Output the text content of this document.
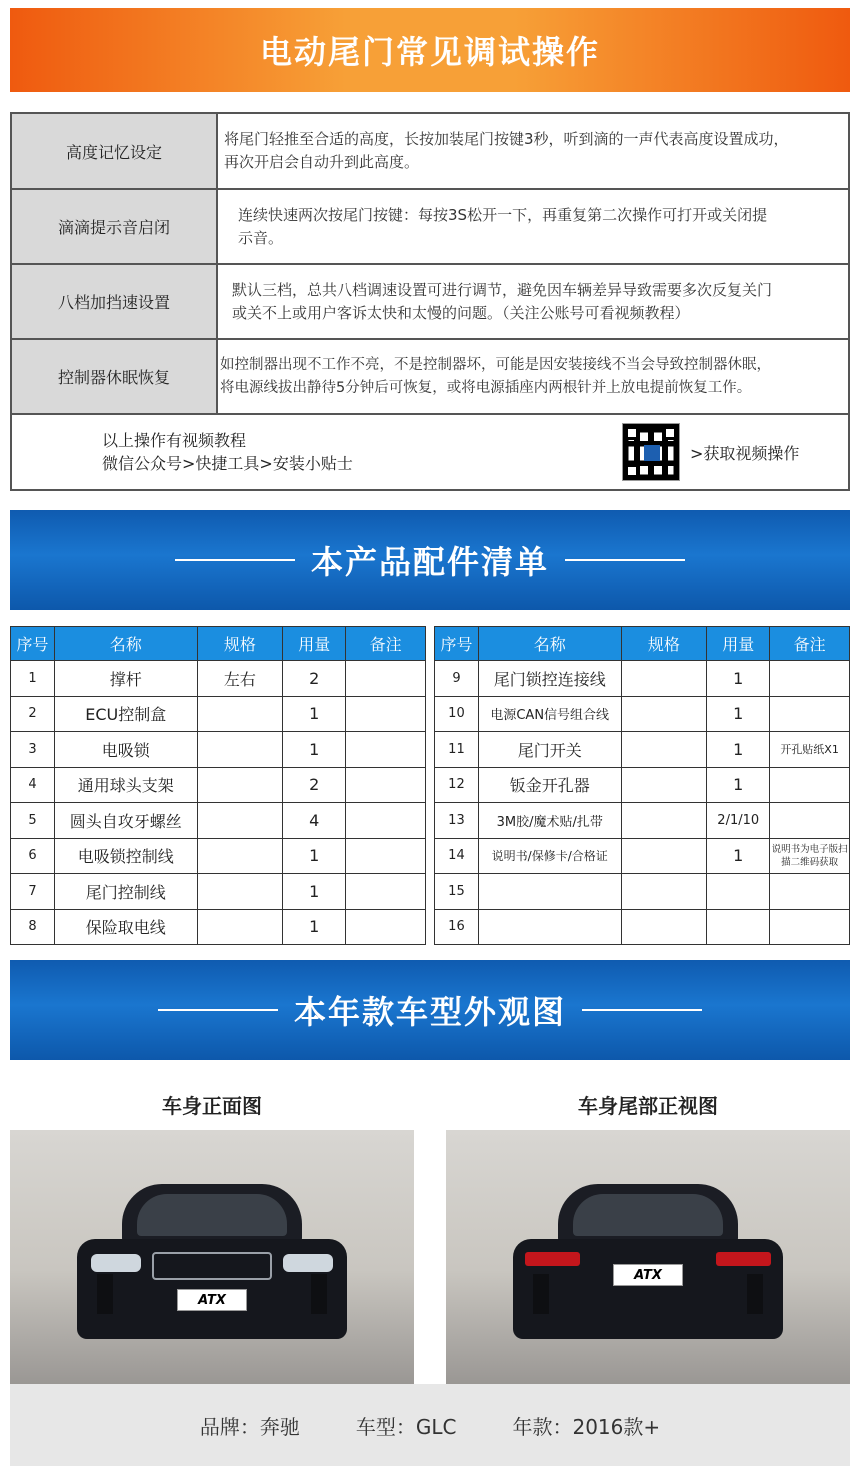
电动尾门常见调试操作
高度记忆设定
将尾门轻推至合适的高度，长按加装尾门按键3秒，听到滴的一声代表高度设置成功，
再次开启会自动升到此高度。
滴滴提示音启闭
连续快速两次按尾门按键：每按3S松开一下，再重复第二次操作可打开或关闭提
示音。
八档加挡速设置
默认三档，总共八档调速设置可进行调节，避免因车辆差异导致需要多次反复关门
或关不上或用户客诉太快和太慢的问题。（关注公账号可看视频教程）
控制器休眠恢复
如控制器出现不工作不亮，不是控制器坏，可能是因安装接线不当会导致控制器休眠，
将电源线拔出静待5分钟后可恢复，或将电源插座内两根针并上放电提前恢复工作。
以上操作有视频教程
微信公众号>快捷工具>安装小贴士
>获取视频操作
本产品配件清单
序号	名称	规格	用量	备注
1	撑杆	左右	2	
2	ECU控制盒		1	
3	电吸锁		1	
4	通用球头支架		2	
5	圆头自攻牙螺丝		4	
6	电吸锁控制线		1	
7	尾门控制线		1	
8	保险取电线		1	
序号	名称	规格	用量	备注
9	尾门锁控连接线		1	
10	电源CAN信号组合线		1	
11	尾门开关		1	开孔贴纸X1
12	钣金开孔器		1	
13	3M胶/魔术贴/扎带		2/1/10	
14	说明书/保修卡/合格证		1	说明书为电子版扫描二维码获取
15				
16				
本年款车型外观图
车身正面图	车身尾部正视图
ATX
ATX
品牌：奔驰	车型：GLC	年款：2016款+
